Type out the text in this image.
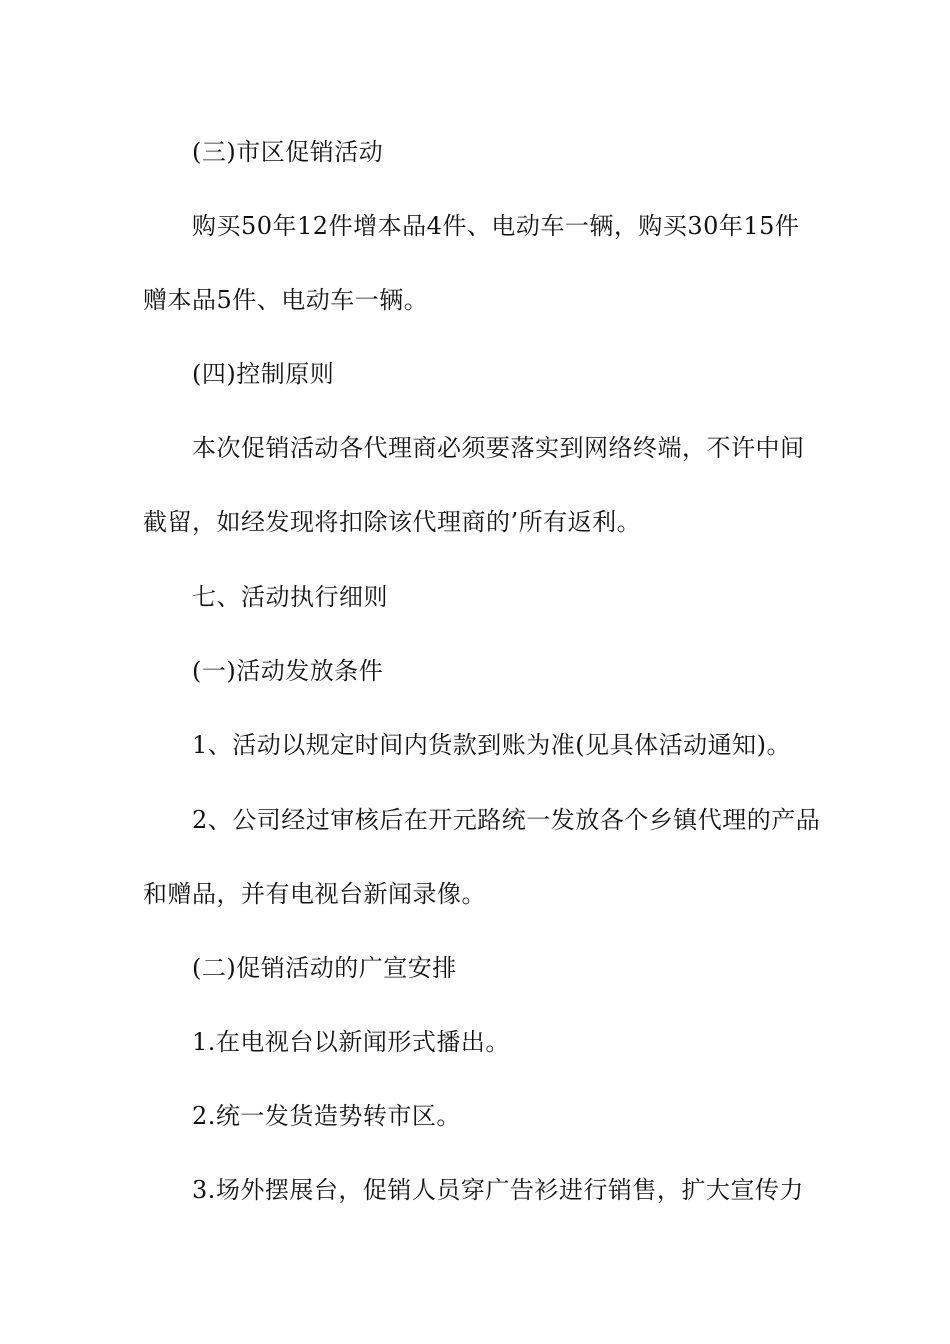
(三)市区促销活动
购买50年12件增本品4件、电动车一辆，购买30年15件
赠本品5件、电动车一辆。
(四)控制原则
本次促销活动各代理商必须要落实到网络终端，不许中间
截留，如经发现将扣除该代理商的’所有返利。
七、活动执行细则
(一)活动发放条件
1、活动以规定时间内货款到账为准(见具体活动通知)。
2、公司经过审核后在开元路统一发放各个乡镇代理的产品
和赠品，并有电视台新闻录像。
(二)促销活动的广宣安排
1.在电视台以新闻形式播出。
2.统一发货造势转市区。
3.场外摆展台，促销人员穿广告衫进行销售，扩大宣传力
